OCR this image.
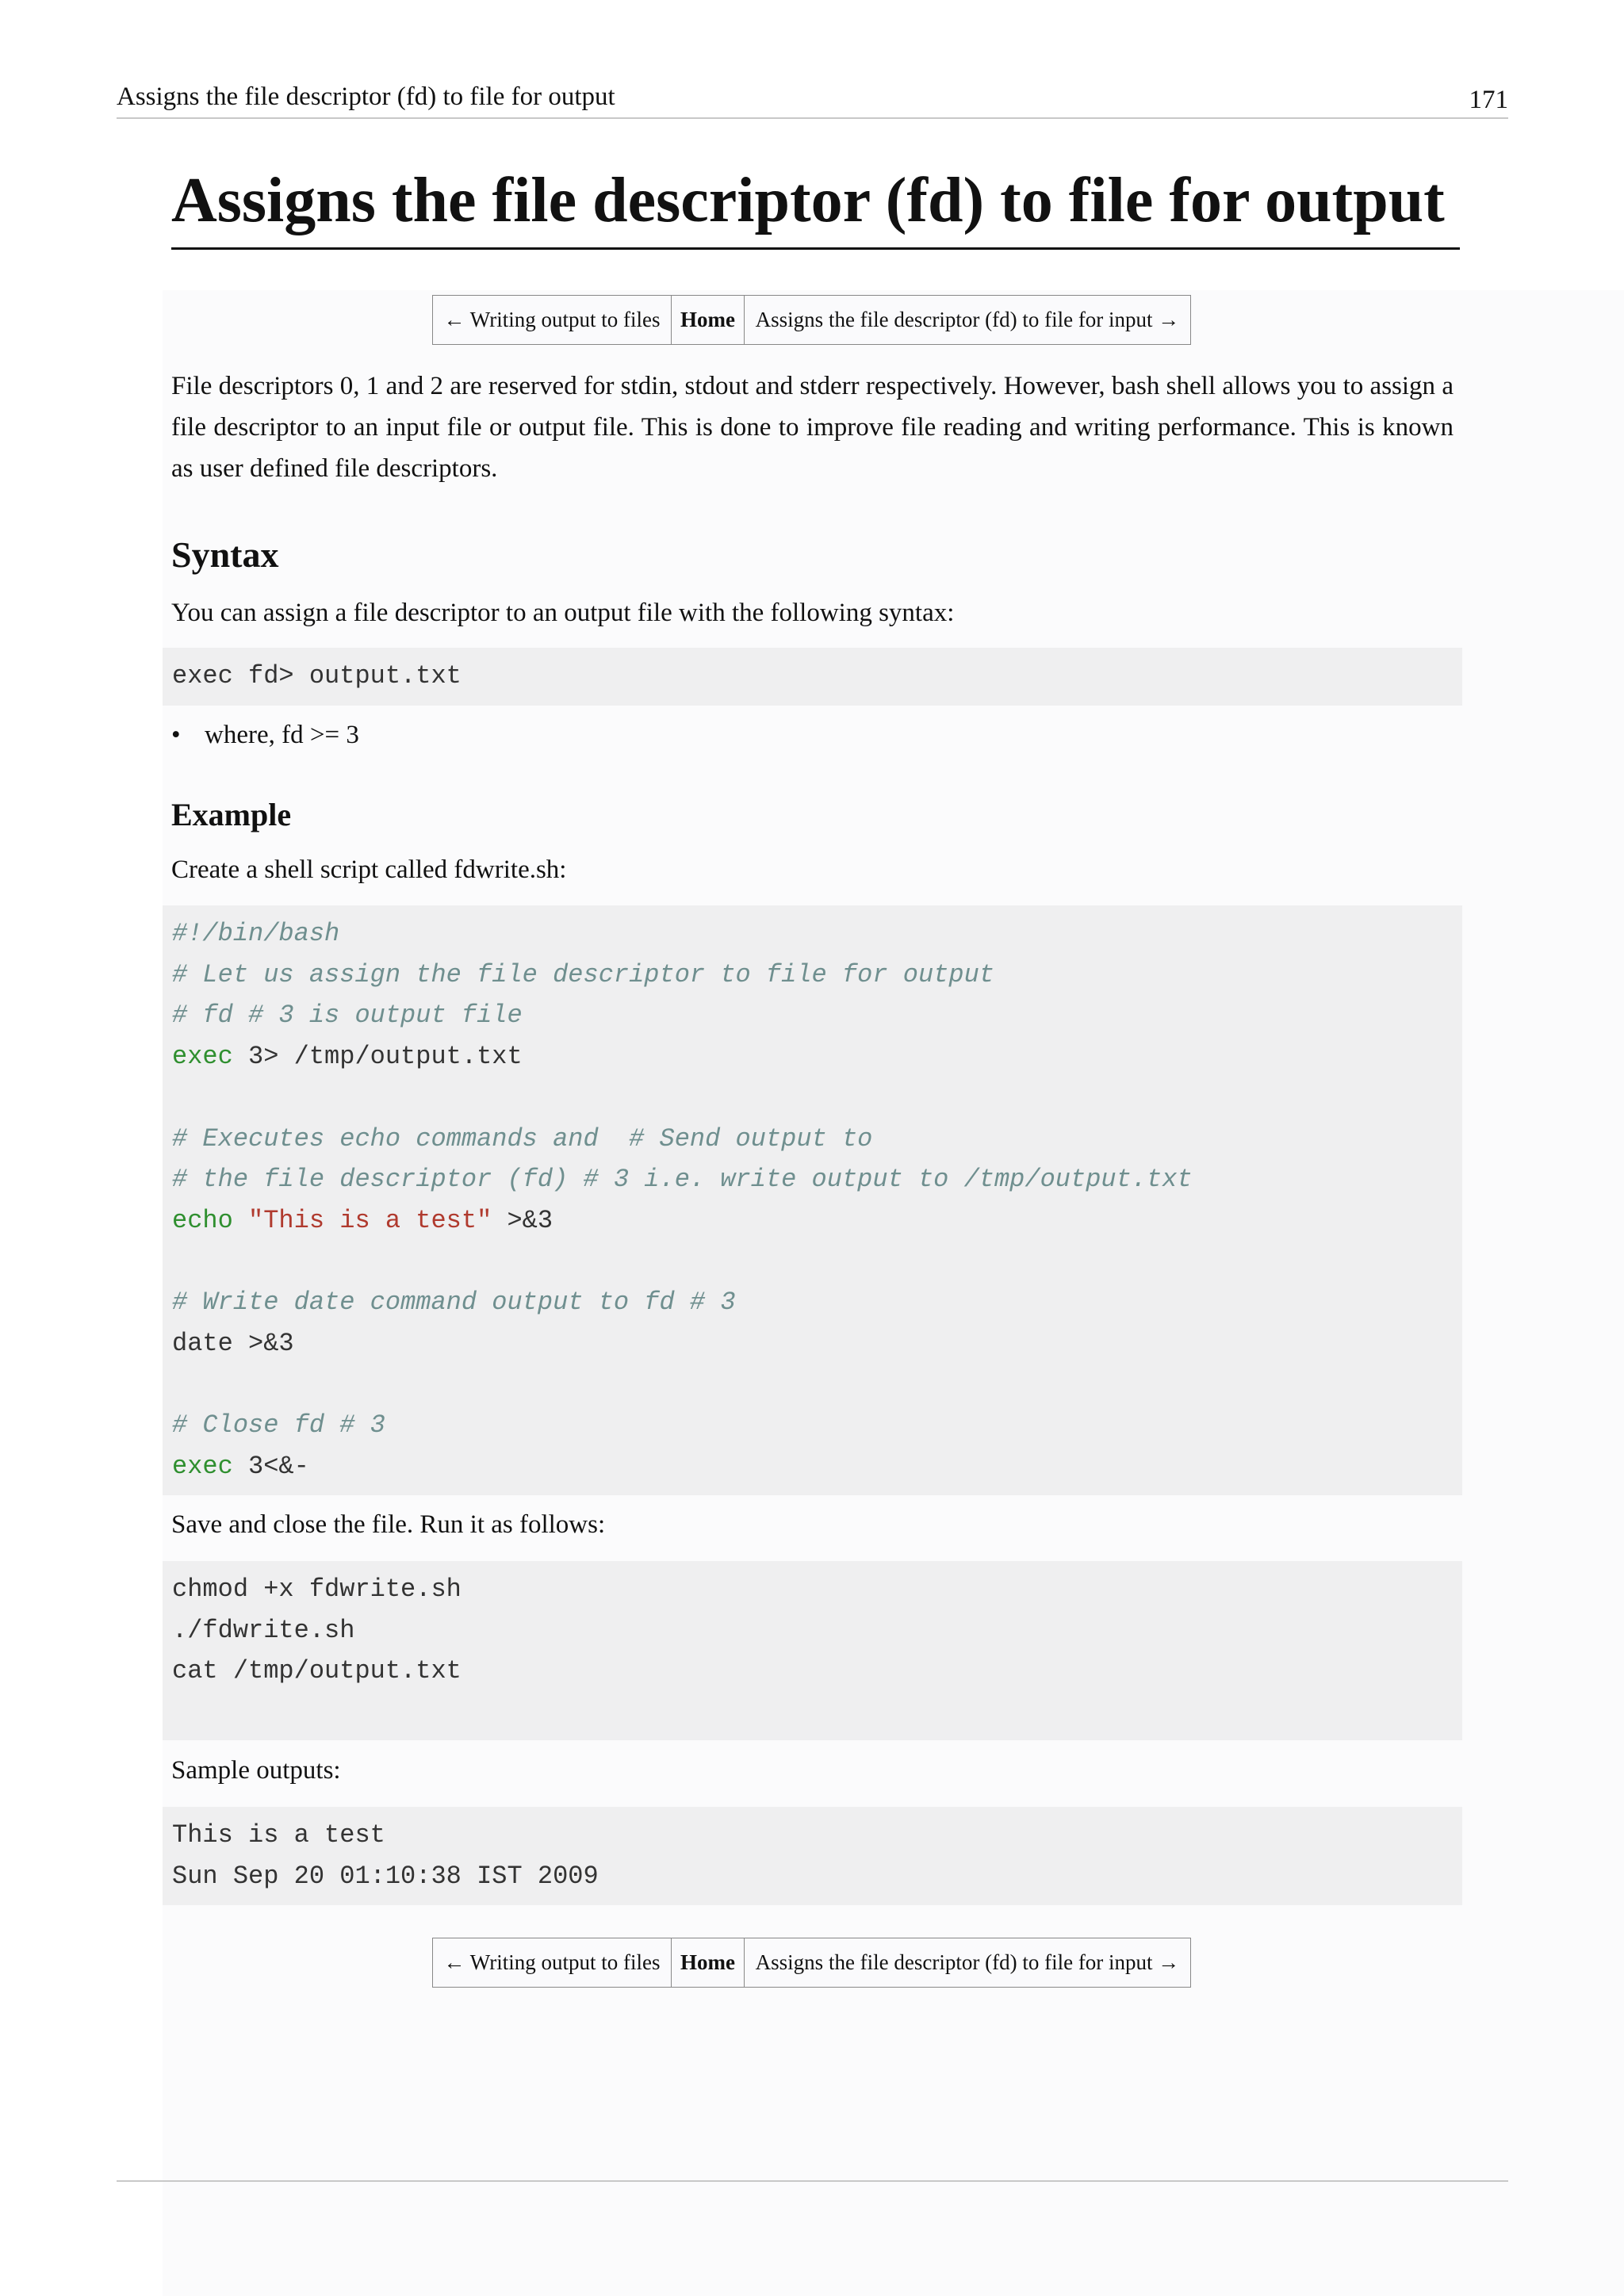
Assigns the file descriptor (fd) to file for output	171
Assigns the file descriptor (fd) to file for output
← Writing output to files Home Assigns the file descriptor (fd) to file for input →

File descriptors 0, 1 and 2 are reserved for stdin, stdout and stderr respectively. However, bash shell allows you to assign a file descriptor to an input file or output file. This is done to improve file reading and writing performance. This is known as user defined file descriptors.

Syntax

You can assign a file descriptor to an output file with the following syntax:

exec fd> output.txt
• where, fd >= 3
Example

Create a shell script called fdwrite.sh:

#!/bin/bash
# Let us assign the file descriptor to file for output
# fd # 3 is output file
exec 3> /tmp/output.txt

# Executes echo commands and  # Send output to
# the file descriptor (fd) # 3 i.e. write output to /tmp/output.txt
echo "This is a test" >&3

# Write date command output to fd # 3
date >&3

# Close fd # 3
exec 3<&-

Save and close the file. Run it as follows:

chmod +x fdwrite.sh
./fdwrite.sh
cat /tmp/output.txt

Sample outputs:

This is a test
Sun Sep 20 01:10:38 IST 2009
← Writing output to files Home Assigns the file descriptor (fd) to file for input →
